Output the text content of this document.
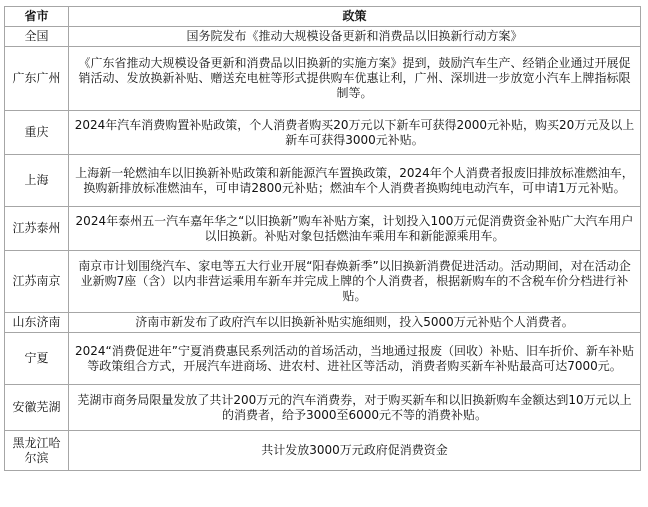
省市	政策
全国	国务院发布《推动大规模设备更新和消费品以旧换新行动方案》
广东广州	《广东省推动大规模设备更新和消费品以旧换新的实施方案》提到，鼓励汽车生产、经销企业通过开展促销活动、发放换新补贴、赠送充电桩等形式提供购车优惠让利，广州、深圳进一步放宽小汽车上牌指标限制等。
重庆	2024年汽车消费购置补贴政策，个人消费者购买20万元以下新车可获得2000元补贴，购买20万元及以上新车可获得3000元补贴。
上海	上海新一轮燃油车以旧换新补贴政策和新能源汽车置换政策，2024年个人消费者报废旧排放标准燃油车，换购新排放标准燃油车，可申请2800元补贴；燃油车个人消费者换购纯电动汽车，可申请1万元补贴。
江苏泰州	2024年泰州五一汽车嘉年华之“以旧换新”购车补贴方案，计划投入100万元促消费资金补贴广大汽车用户以旧换新。补贴对象包括燃油车乘用车和新能源乘用车。
江苏南京	南京市计划围绕汽车、家电等五大行业开展“阳春焕新季”以旧换新消费促进活动。活动期间，对在活动企业新购7座（含）以内非营运乘用车新车并完成上牌的个人消费者，根据新购车的不含税车价分档进行补贴。
山东济南	济南市新发布了政府汽车以旧换新补贴实施细则，投入5000万元补贴个人消费者。
宁夏	2024“消费促进年”宁夏消费惠民系列活动的首场活动，当地通过报废（回收）补贴、旧车折价、新车补贴等政策组合方式，开展汽车进商场、进农村、进社区等活动，消费者购买新车补贴最高可达7000元。
安徽芜湖	芜湖市商务局限量发放了共计200万元的汽车消费券，对于购买新车和以旧换新购车金额达到10万元以上的消费者，给予3000至6000元不等的消费补贴。
黑龙江哈尔滨	共计发放3000万元政府促消费资金
